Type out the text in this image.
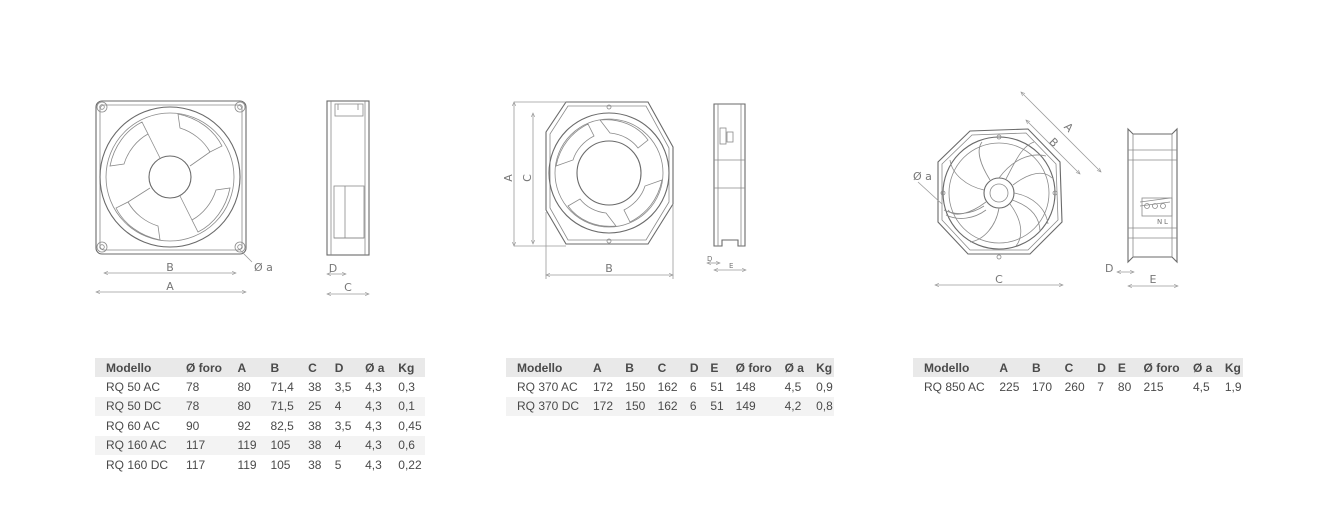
B
A
Ø a	D
C
A C
B
D
E
A
B
C
Ø a
N L
D
E
Modello	Ø foro	A	B	C	D	Ø a	Kg
RQ 50 AC	78	80	71,4	38	3,5	4,3	0,3
RQ 50 DC	78	80	71,5	25	4	4,3	0,1
RQ 60 AC	90	92	82,5	38	3,5	4,3	0,45
RQ 160 AC	117	119	105	38	4	4,3	0,6
RQ 160 DC	117	119	105	38	5	4,3	0,22
Modello	A	B	C	D	E	Ø foro	Ø a	Kg
RQ 370 AC	172	150	162	6	51	148	4,5	0,9
RQ 370 DC	172	150	162	6	51	149	4,2	0,8
Modello	A	B	C	D	E	Ø foro	Ø a	Kg
RQ 850 AC	225	170	260	7	80	215	4,5	1,9
